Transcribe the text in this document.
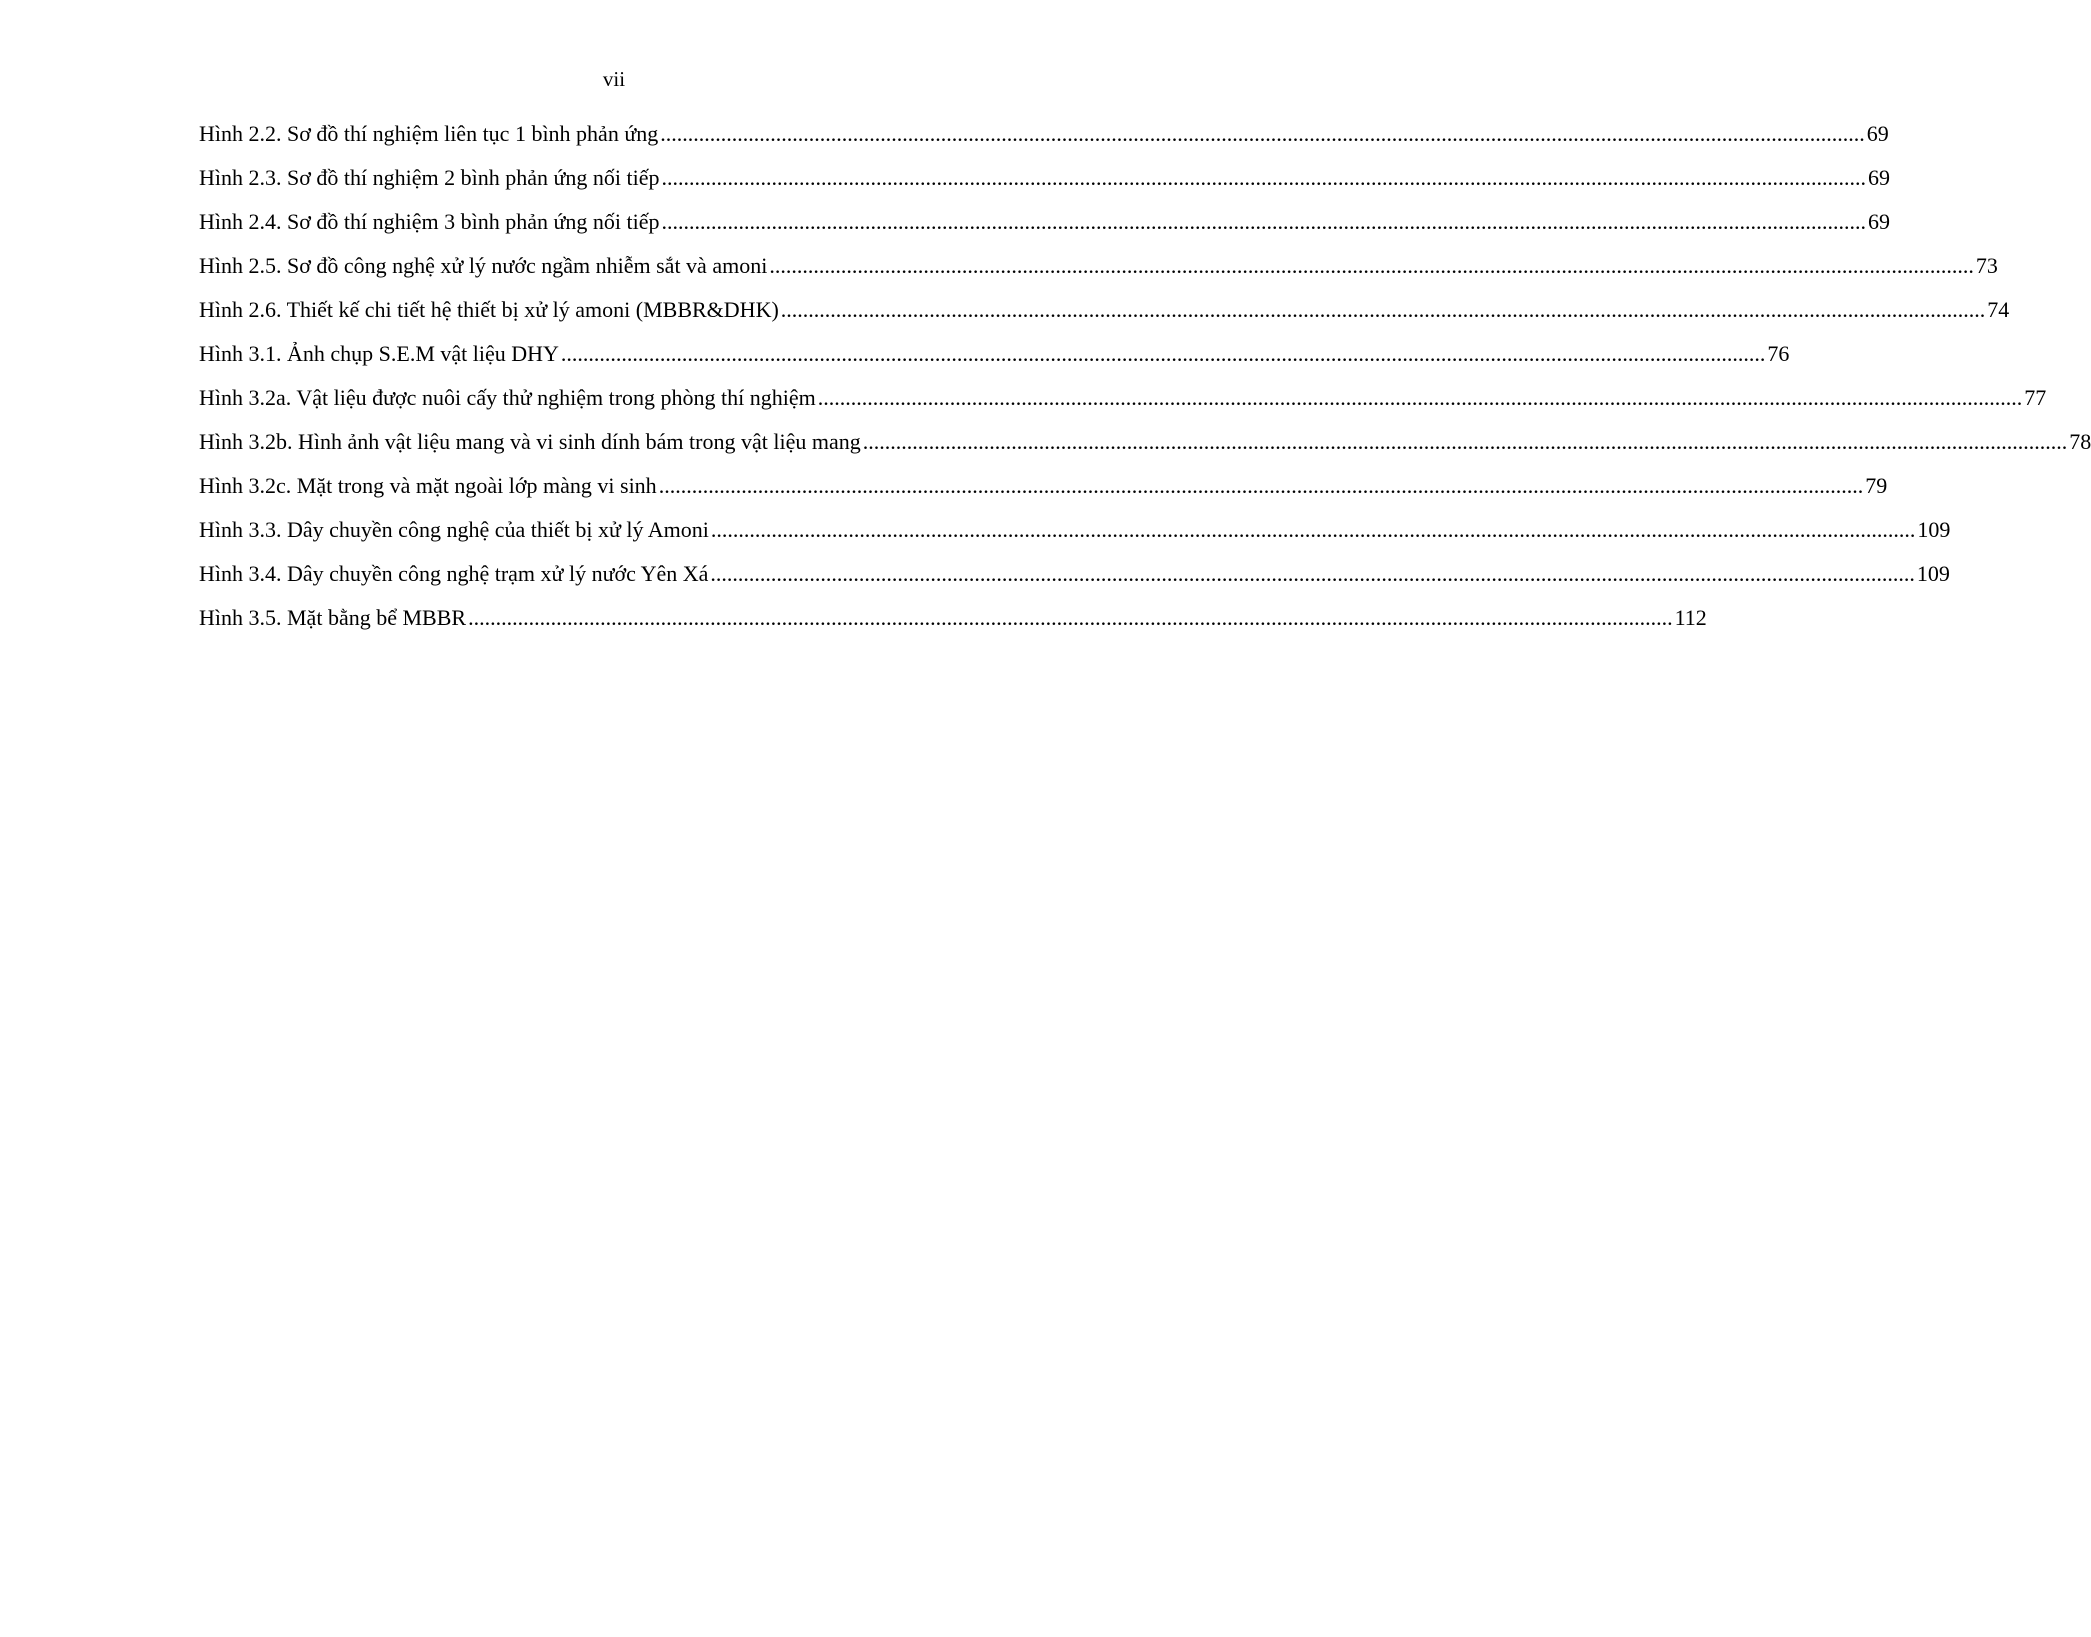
vii
Hình 2.2. Sơ đồ thí nghiệm liên tục 1 bình phản ứng .....	69
Hình 2.3. Sơ đồ thí nghiệm 2 bình phản ứng nối tiếp .....	69
Hình 2.4. Sơ đồ thí nghiệm 3 bình phản ứng nối tiếp .....	69
Hình 2.5. Sơ đồ công nghệ xử lý nước ngầm nhiễm sắt và amoni .....	73
Hình 2.6. Thiết kế chi tiết hệ thiết bị xử lý amoni (MBBR&DHK) .....	74
Hình 3.1. Ảnh chụp S.E.M vật liệu DHY .....	76
Hình 3.2a. Vật liệu được nuôi cấy thử nghiệm trong phòng thí nghiệm .....	77
Hình 3.2b. Hình ảnh vật liệu mang và vi sinh dính bám trong vật liệu mang .....	78
Hình 3.2c. Mặt trong và mặt ngoài lớp màng vi sinh .....	79
Hình 3.3. Dây chuyền công nghệ của thiết bị xử lý Amoni .....	109
Hình 3.4. Dây chuyền công nghệ trạm xử lý nước Yên Xá .....	109
Hình 3.5. Mặt bằng bể MBBR .....	112
